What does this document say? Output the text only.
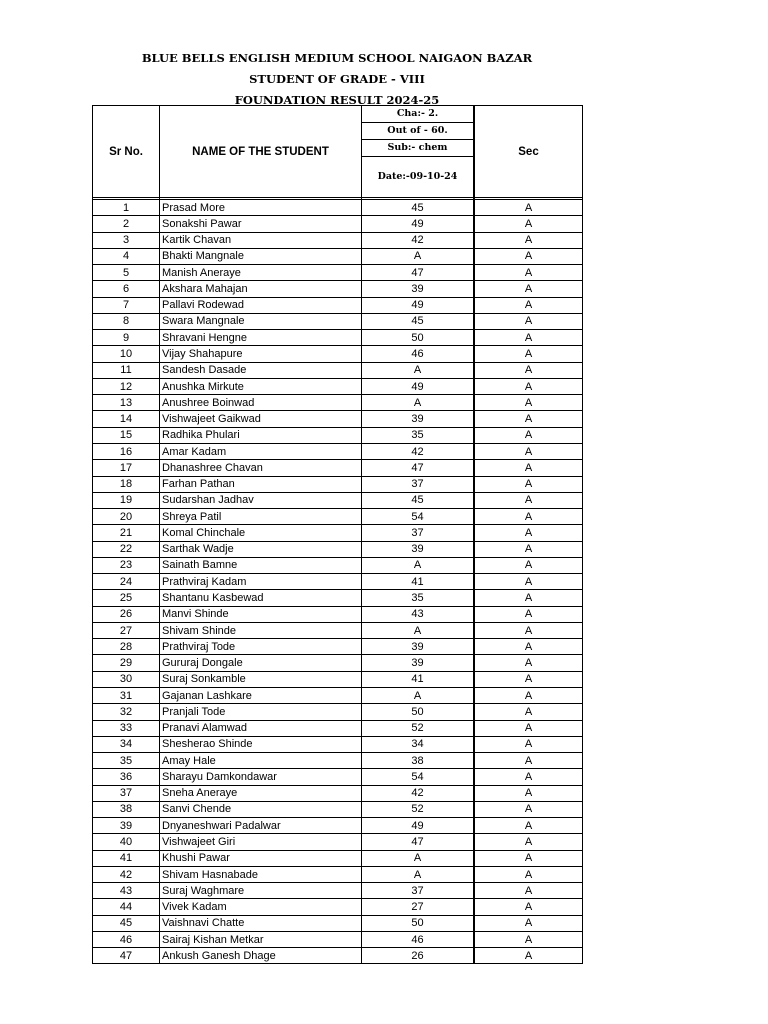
BLUE BELLS ENGLISH MEDIUM SCHOOL NAIGAON BAZAR
STUDENT OF GRADE - VIII
FOUNDATION RESULT 2024-25
Sr No.	NAME OF THE STUDENT	Cha:- 2.	Sec
		Out of - 60.	
		Sub:- chem	
		Date:-09-10-24	

1	Prasad More	45	A
2	Sonakshi Pawar	49	A
3	Kartik Chavan	42	A
4	Bhakti Mangnale	A	A
5	Manish Aneraye	47	A
6	Akshara Mahajan	39	A
7	Pallavi Rodewad	49	A
8	Swara Mangnale	45	A
9	Shravani Hengne	50	A
10	Vijay Shahapure	46	A
11	Sandesh Dasade	A	A
12	Anushka Mirkute	49	A
13	Anushree Boinwad	A	A
14	Vishwajeet Gaikwad	39	A
15	Radhika Phulari	35	A
16	Amar Kadam	42	A
17	Dhanashree Chavan	47	A
18	Farhan Pathan	37	A
19	Sudarshan Jadhav	45	A
20	Shreya Patil	54	A
21	Komal Chinchale	37	A
22	Sarthak Wadje	39	A
23	Sainath Bamne	A	A
24	Prathviraj Kadam	41	A
25	Shantanu Kasbewad	35	A
26	Manvi Shinde	43	A
27	Shivam Shinde	A	A
28	Prathviraj Tode	39	A
29	Gururaj Dongale	39	A
30	Suraj Sonkamble	41	A
31	Gajanan Lashkare	A	A
32	Pranjali Tode	50	A
33	Pranavi Alamwad	52	A
34	Shesherao Shinde	34	A
35	Amay Hale	38	A
36	Sharayu Damkondawar	54	A
37	Sneha Aneraye	42	A
38	Sanvi Chende	52	A
39	Dnyaneshwari Padalwar	49	A
40	Vishwajeet Giri	47	A
41	Khushi Pawar	A	A
42	Shivam Hasnabade	A	A
43	Suraj Waghmare	37	A
44	Vivek Kadam	27	A
45	Vaishnavi Chatte	50	A
46	Sairaj Kishan Metkar	46	A
47	Ankush Ganesh Dhage	26	A
